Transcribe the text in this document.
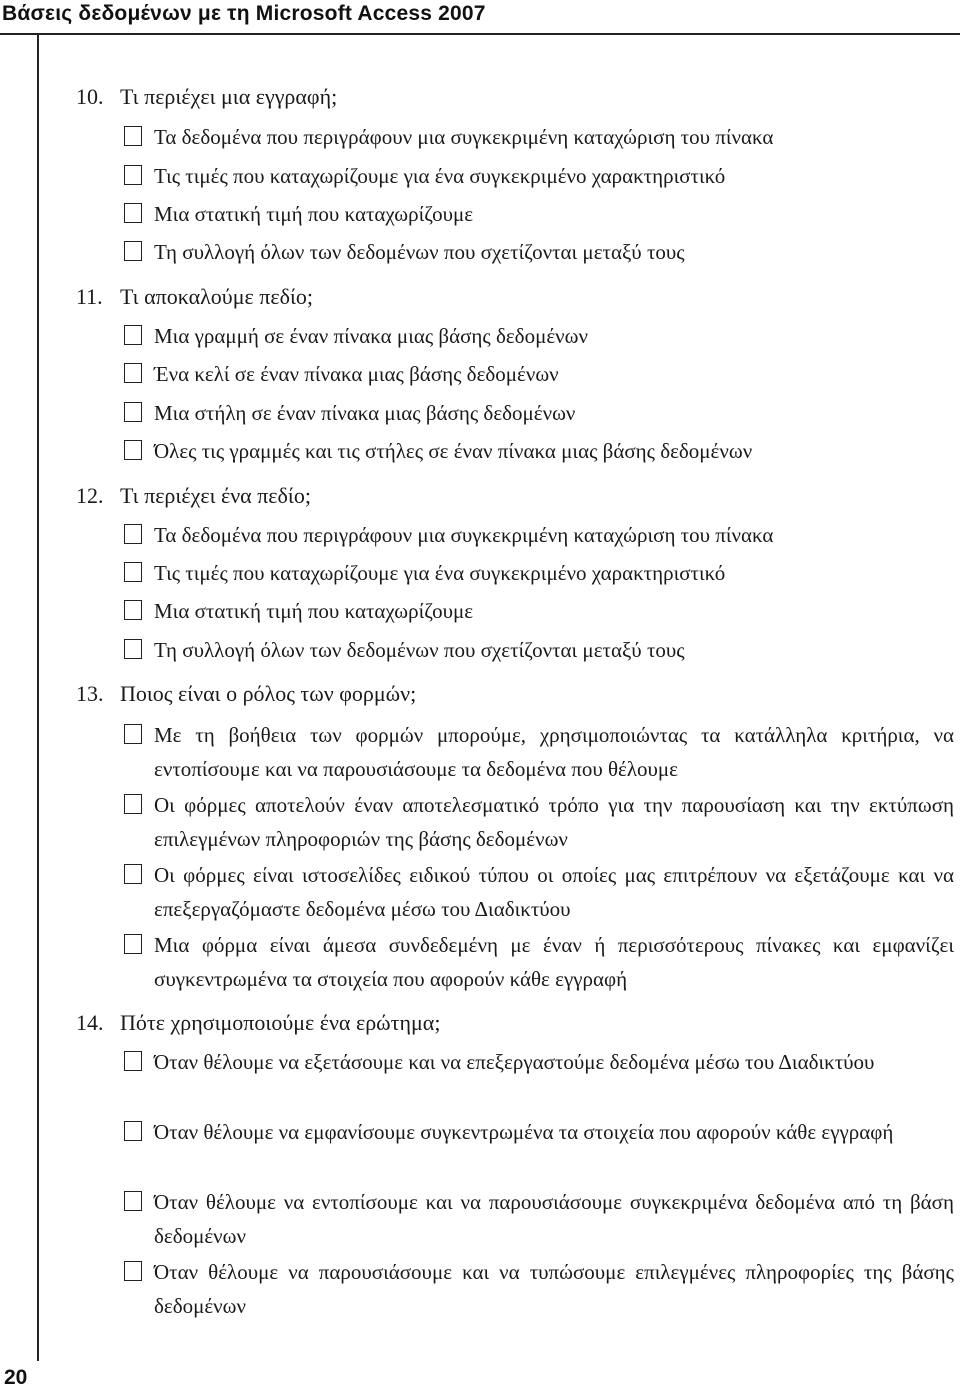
Βάσεις δεδομένων με τη Microsoft Access 2007
10. Τι περιέχει μια εγγραφή;
Τα δεδομένα που περιγράφουν μια συγκεκριμένη καταχώριση του πίνακα
Τις τιμές που καταχωρίζουμε για ένα συγκεκριμένο χαρακτηριστικό
Μια στατική τιμή που καταχωρίζουμε
Τη συλλογή όλων των δεδομένων που σχετίζονται μεταξύ τους
11. Τι αποκαλούμε πεδίο;
Μια γραμμή σε έναν πίνακα μιας βάσης δεδομένων
Ένα κελί σε έναν πίνακα μιας βάσης δεδομένων
Μια στήλη σε έναν πίνακα μιας βάσης δεδομένων
Όλες τις γραμμές και τις στήλες σε έναν πίνακα μιας βάσης δεδομένων
12. Τι περιέχει ένα πεδίο;
Τα δεδομένα που περιγράφουν μια συγκεκριμένη καταχώριση του πίνακα
Τις τιμές που καταχωρίζουμε για ένα συγκεκριμένο χαρακτηριστικό
Μια στατική τιμή που καταχωρίζουμε
Τη συλλογή όλων των δεδομένων που σχετίζονται μεταξύ τους
13. Ποιος είναι ο ρόλος των φορμών;
Με τη βοήθεια των φορμών μπορούμε, χρησιμοποιώντας τα κατάλληλα κριτήρια, να εντοπίσουμε και να παρουσιάσουμε τα δεδομένα που θέλουμε
Οι φόρμες αποτελούν έναν αποτελεσματικό τρόπο για την παρουσίαση και την εκτύπωση επιλεγμένων πληροφοριών της βάσης δεδομένων
Οι φόρμες είναι ιστοσελίδες ειδικού τύπου οι οποίες μας επιτρέπουν να εξετάζουμε και να επεξεργαζόμαστε δεδομένα μέσω του Διαδικτύου
Μια φόρμα είναι άμεσα συνδεδεμένη με έναν ή περισσότερους πίνακες και εμφανίζει συγκεντρωμένα τα στοιχεία που αφορούν κάθε εγγραφή
14. Πότε χρησιμοποιούμε ένα ερώτημα;
Όταν θέλουμε να εξετάσουμε και να επεξεργαστούμε δεδομένα μέσω του Διαδικτύου
Όταν θέλουμε να εμφανίσουμε συγκεντρωμένα τα στοιχεία που αφορούν κάθε εγγραφή
Όταν θέλουμε να εντοπίσουμε και να παρουσιάσουμε συγκεκριμένα δεδομένα από τη βάση δεδομένων
Όταν θέλουμε να παρουσιάσουμε και να τυπώσουμε επιλεγμένες πληροφορίες της βάσης δεδομένων
20
